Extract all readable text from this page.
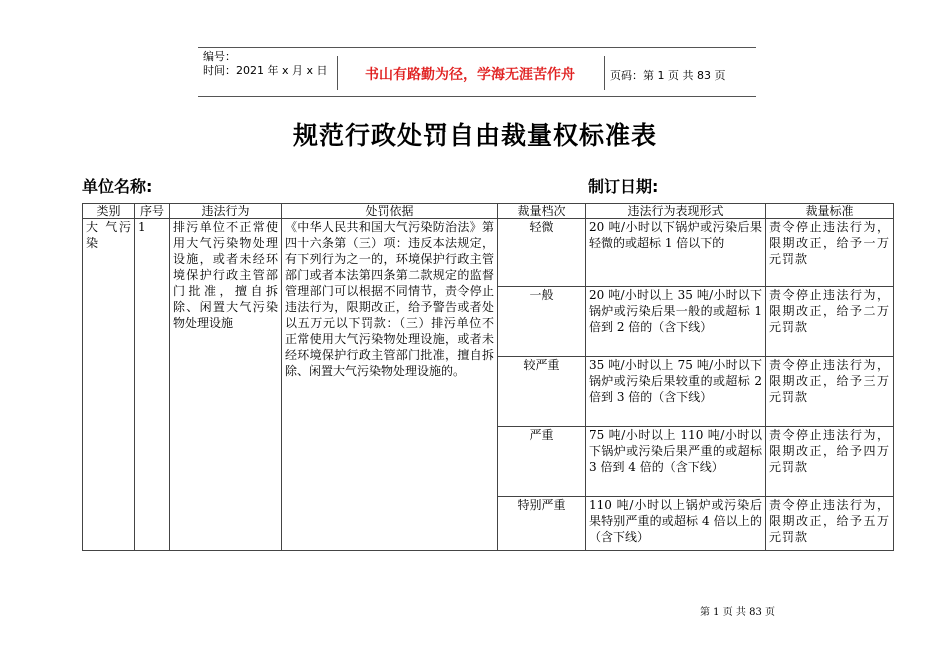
编号：
时间：2021 年 x 月 x 日	书山有路勤为径，学海无涯苦作舟	页码：第 1 页 共 83 页
规范行政处罚自由裁量权标准表
单位名称:	制订日期:
类别	序号	违法行为	处罚依据	裁量档次	违法行为表现形式	裁量标准
大 气污染	1	排污单位不正常使用大气污染物处理设施，或者未经环境保护行政主管部门批准，擅自拆除、闲置大气污染物处理设施	《中华人民共和国大气污染防治法》第四十六条第（三）项：违反本法规定，有下列行为之一的，环境保护行政主管部门或者本法第四条第二款规定的监督管理部门可以根据不同情节，责令停止违法行为，限期改正，给予警告或者处以五万元以下罚款：（三）排污单位不正常使用大气污染物处理设施，或者未经环境保护行政主管部门批准，擅自拆除、闲置大气污染物处理设施的。	轻微	20 吨/小时以下锅炉或污染后果轻微的或超标 1 倍以下的	责令停止违法行为，限期改正，给予一万元罚款
				一般	20 吨/小时以上 35 吨/小时以下锅炉或污染后果一般的或超标 1 倍到 2 倍的（含下线）	责令停止违法行为，限期改正，给予二万元罚款
				较严重	35 吨/小时以上 75 吨/小时以下锅炉或污染后果较重的或超标 2 倍到 3 倍的（含下线）	责令停止违法行为，限期改正，给予三万元罚款
				严重	75 吨/小时以上 110 吨/小时以下锅炉或污染后果严重的或超标 3 倍到 4 倍的（含下线）	责令停止违法行为，限期改正，给予四万元罚款
				特别严重	110 吨/小时以上锅炉或污染后果特别严重的或超标 4 倍以上的（含下线）	责令停止违法行为，限期改正，给予五万元罚款
第 1 页 共 83 页
